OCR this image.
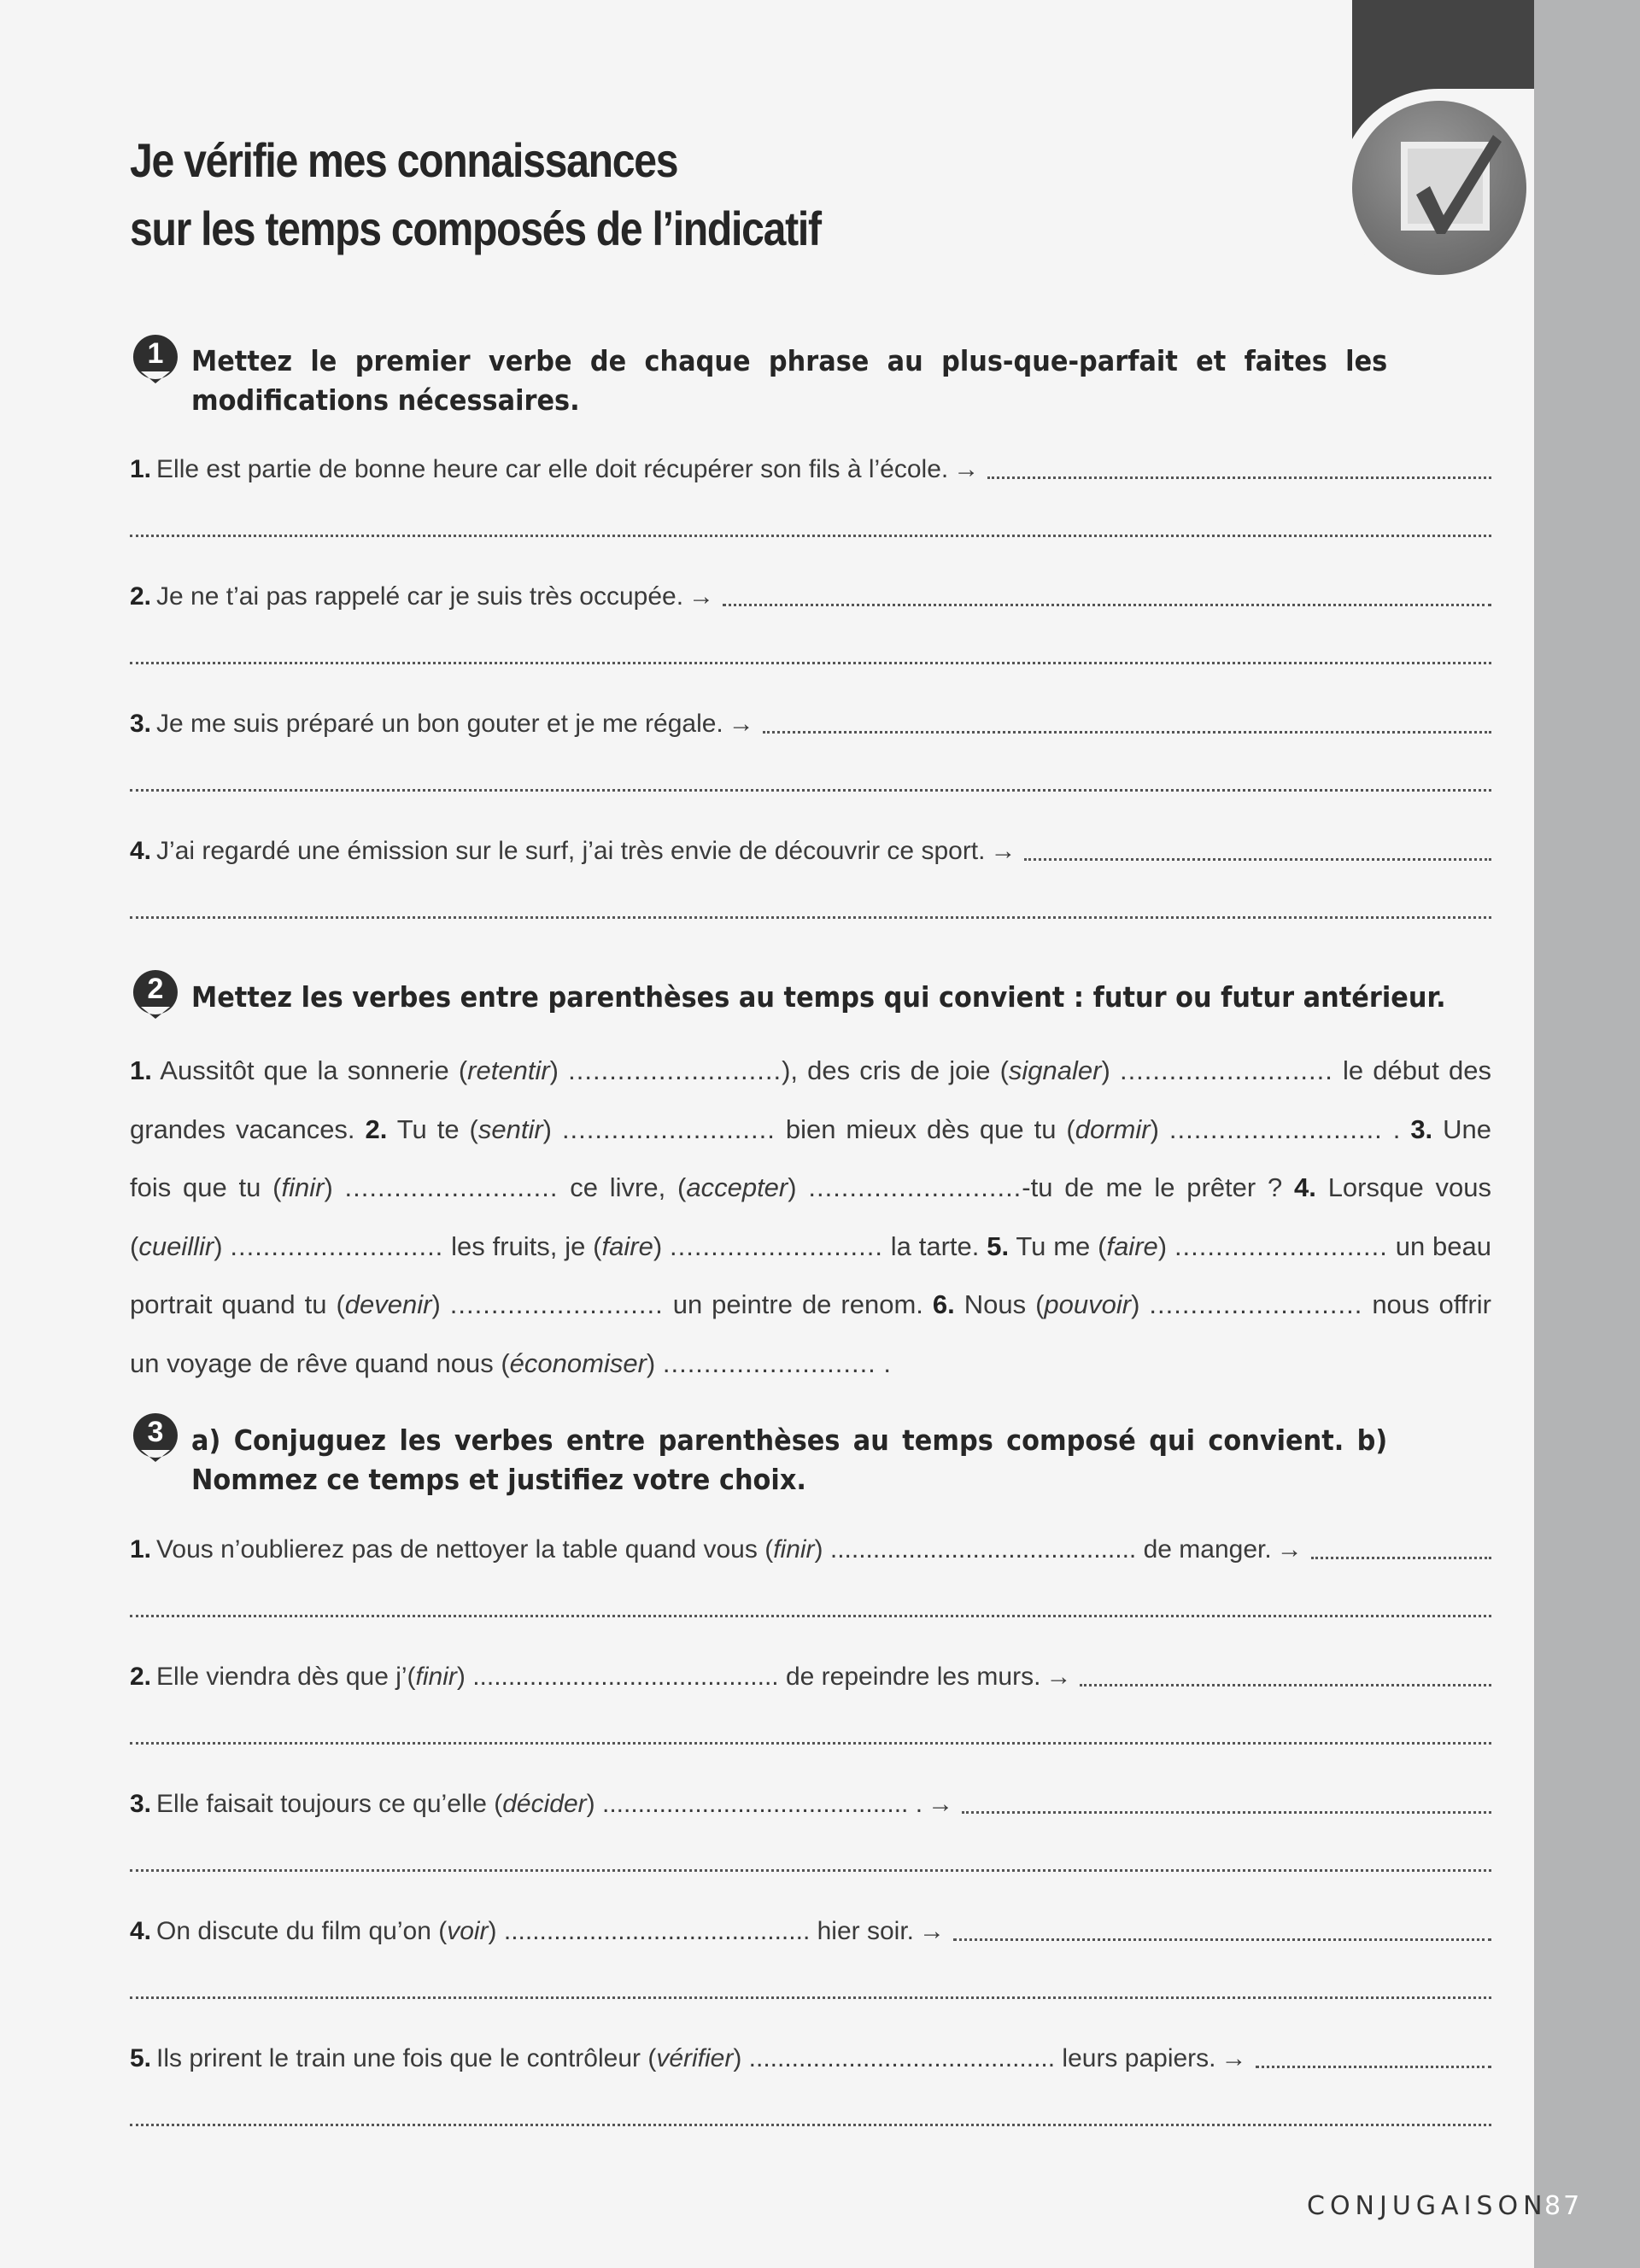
Je vérifie mes connaissances
sur les temps composés de l’indicatif
1 Mettez le premier verbe de chaque phrase au plus-que-parfait et faites les modifications nécessaires.
1. Elle est partie de bonne heure car elle doit récupérer son fils à l’école. →
2. Je ne t’ai pas rappelé car je suis très occupée. →
3. Je me suis préparé un bon gouter et je me régale. →
4. J’ai regardé une émission sur le surf, j’ai très envie de découvrir ce sport. →
2 Mettez les verbes entre parenthèses au temps qui convient : futur ou futur antérieur.
1. Aussitôt que la sonnerie (retentir) ..........................), des cris de joie (signaler) .......................... le début des grandes vacances. 2. Tu te (sentir) .......................... bien mieux dès que tu (dormir) .......................... . 3. Une fois que tu (finir) .......................... ce livre, (accepter) ..........................-tu de me le prêter ? 4. Lorsque vous (cueillir) .......................... les fruits, je (faire) .......................... la tarte. 5. Tu me (faire) .......................... un beau portrait quand tu (devenir) .......................... un peintre de renom. 6. Nous (pouvoir) .......................... nous offrir un voyage de rêve quand nous (économiser) .......................... .
3 a) Conjuguez les verbes entre parenthèses au temps composé qui convient. b) Nommez ce temps et justifiez votre choix.
1. Vous n’oublierez pas de nettoyer la table quand vous ( finir ) ........................................... de manger. →
2. Elle viendra dès que j’( finir ) ........................................... de repeindre les murs. →
3. Elle faisait toujours ce qu’elle ( décider ) ........................................... . →
4. On discute du film qu’on ( voir ) ........................................... hier soir. →
5. Ils prirent le train une fois que le contrôleur ( vérifier ) ........................................... leurs papiers. →
CONJUGAISON
87
